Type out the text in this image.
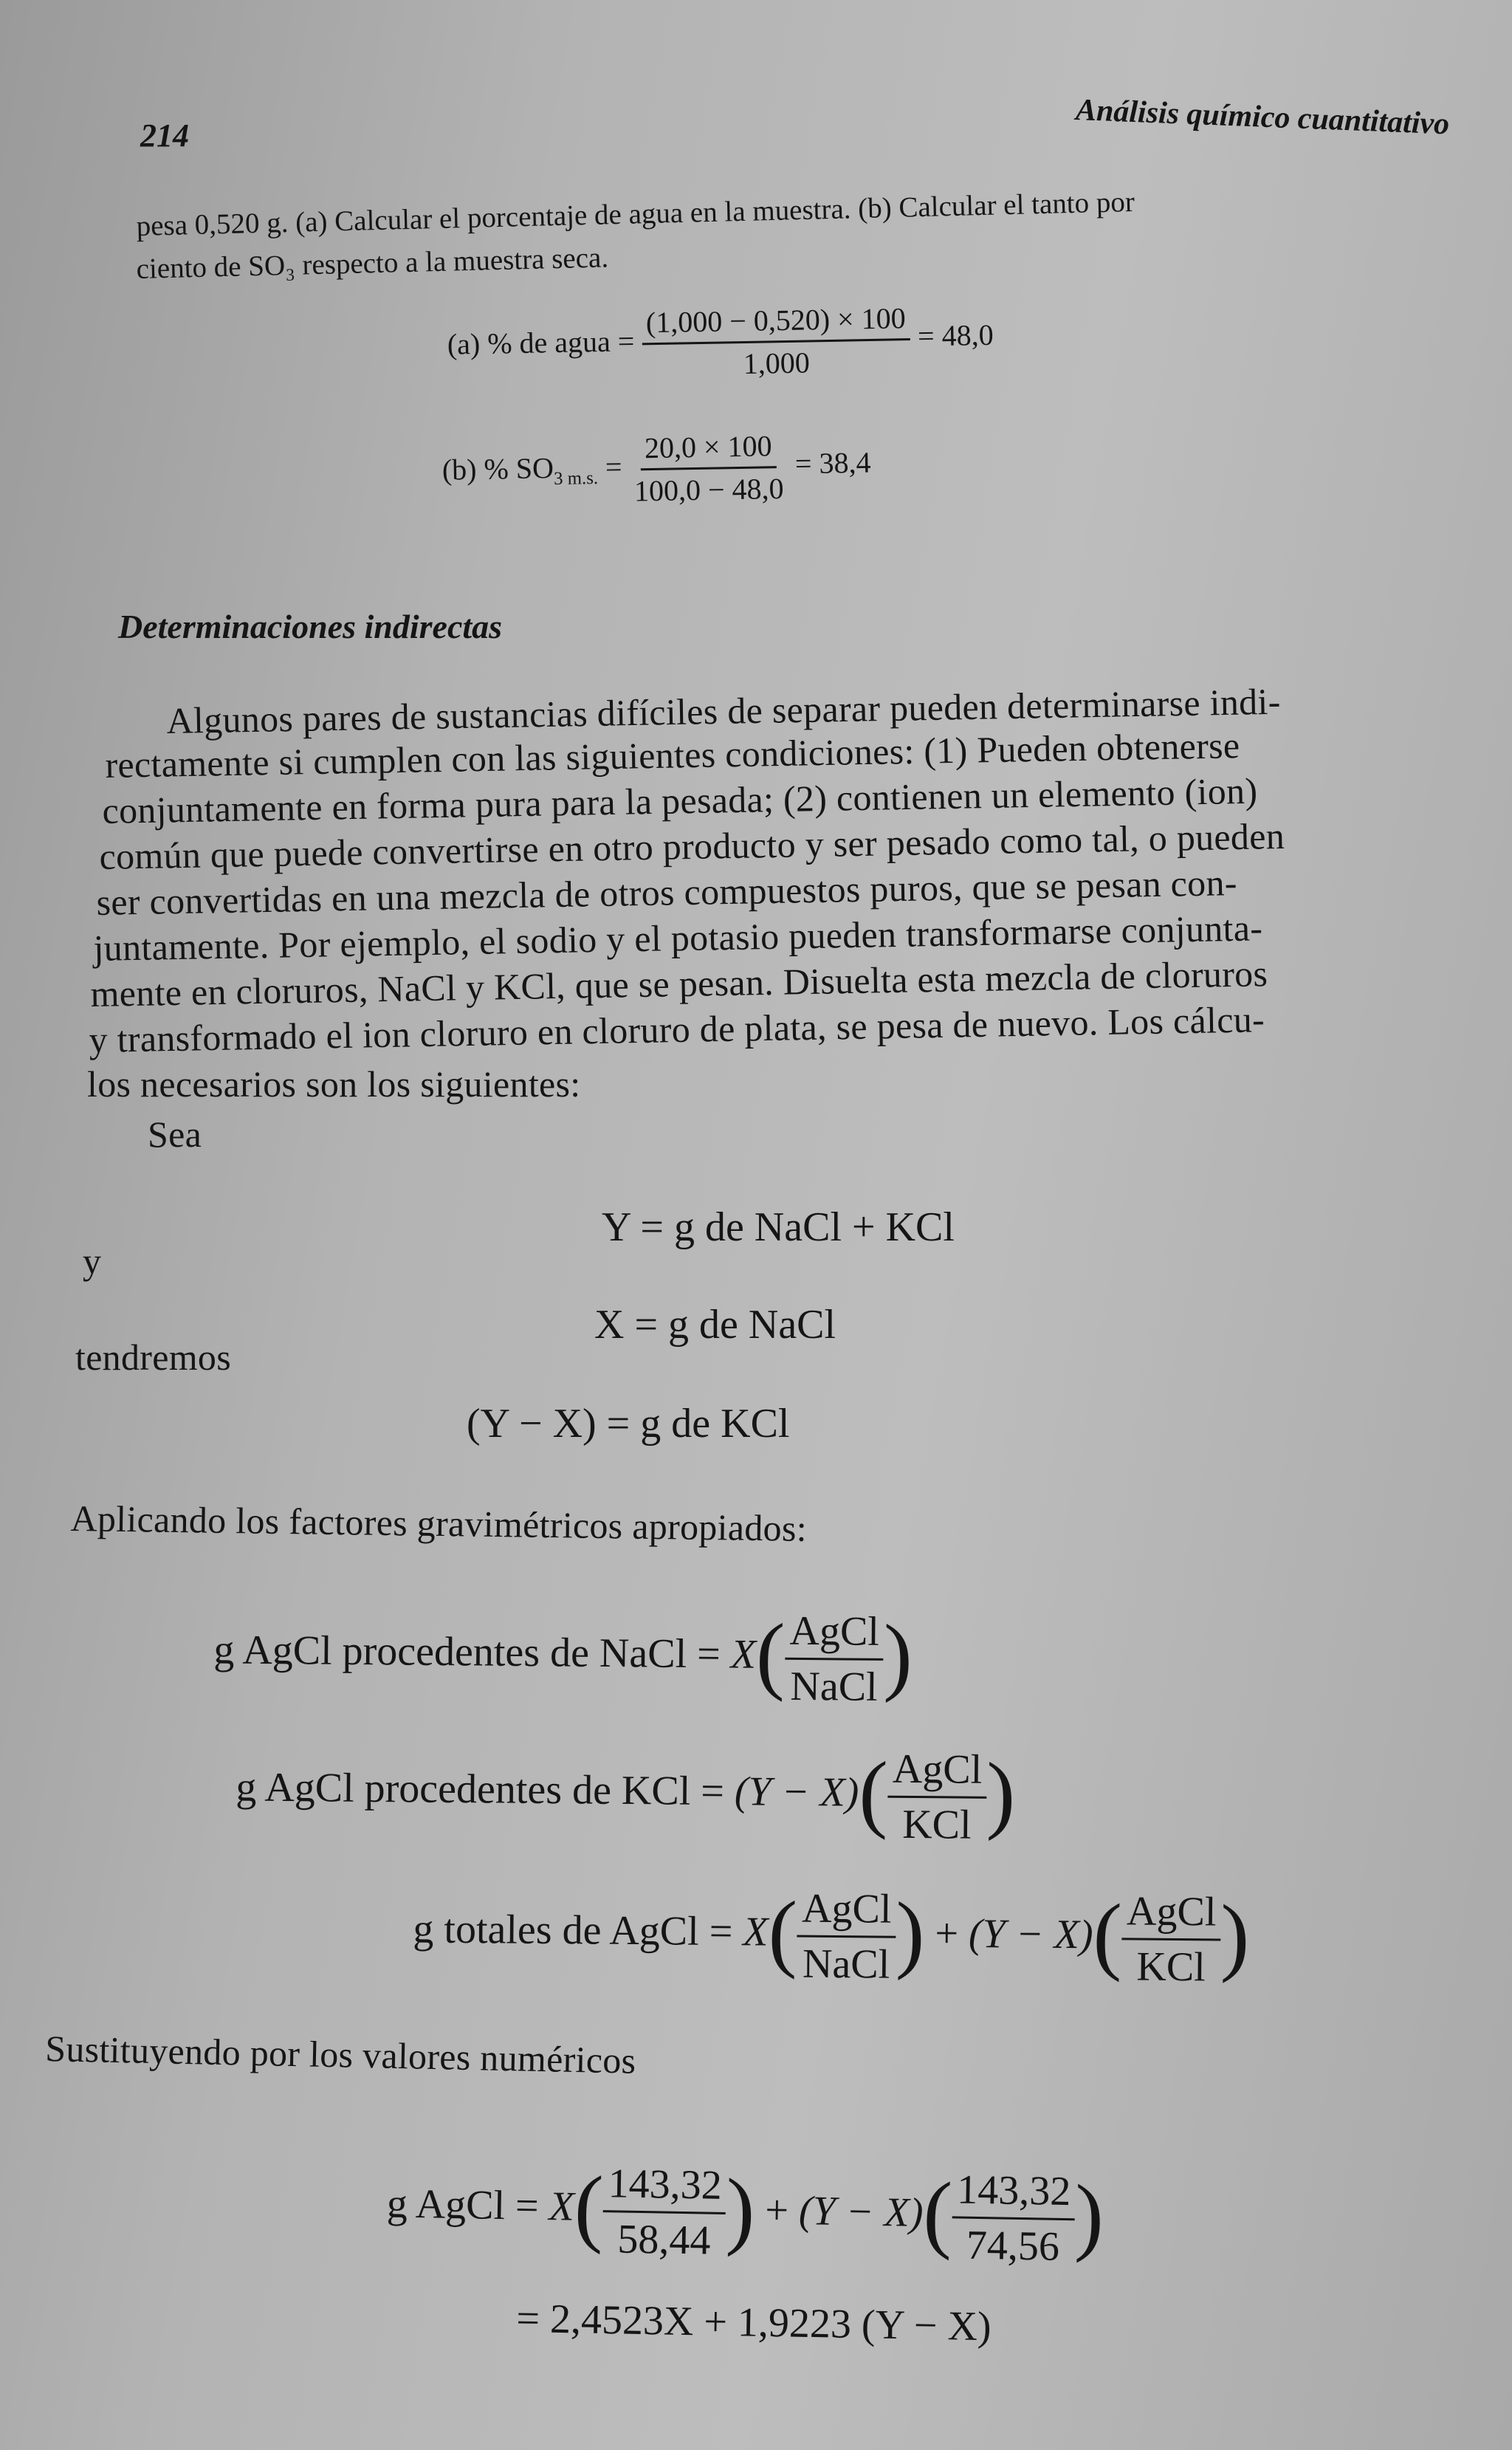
214	Análisis químico cuantitativo
pesa 0,520 g. (a) Calcular el porcentaje de agua en la muestra. (b) Calcular el tanto por
ciento de SO₃ respecto a la muestra seca.
(a) % de agua = $\frac{(1,000 - 0,520) \times 100}{1,000} = 48,0$
(b) % $SO_{3 m.s.} = \frac{20,0 \times 100}{100,0 - 48,0} = 38,4$
Determinaciones indirectas
Algunos pares de sustancias difíciles de separar pueden determinarse indi-
rectamente si cumplen con las siguientes condiciones: (1) Pueden obtenerse
conjuntamente en forma pura para la pesada; (2) contienen un elemento (ion)
común que puede convertirse en otro producto y ser pesado como tal, o pueden
ser convertidas en una mezcla de otros compuestos puros, que se pesan con-
juntamente. Por ejemplo, el sodio y el potasio pueden transformarse conjunta-
mente en cloruros, NaCl y KCl, que se pesan. Disuelta esta mezcla de cloruros
y transformado el ion cloruro en cloruro de plata, se pesa de nuevo. Los cálcu-
los necesarios son los siguientes:
Sea
Y = g de NaCl + KCl
y
X = g de NaCl
tendremos
(Y − X) = g de KCl
Aplicando los factores gravimétricos apropiados:
g AgCl procedentes de NaCl = X(
$\frac{\text{AgCl}}{\text{NaCl}}$
)
g AgCl procedentes de KCl = (Y − X)(
$\frac{\text{AgCl}}{\text{KCl}}$
)
g totales de AgCl = X(
$\frac{\text{AgCl}}{\text{NaCl}}$
) + (Y − X)(
$\frac{\text{AgCl}}{\text{KCl}}$
)
Sustituyendo por los valores numéricos
g AgCl = X(
$\frac{143,32}{58,44}$
) + (Y − X)(
$\frac{143,32}{74,56}$
)
= 2,4523X + 1,9223 (Y − X)
